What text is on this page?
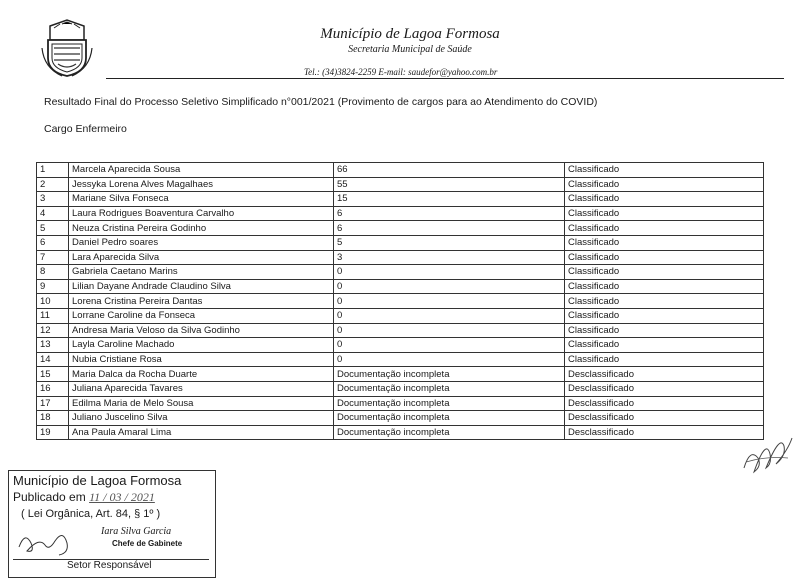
Município de Lagoa Formosa
Secretaria Municipal de Saúde
Tel.: (34)3824-2259 E-mail: saudefor@yahoo.com.br
Resultado Final do Processo Seletivo Simplificado n°001/2021 (Provimento de cargos para ao Atendimento do COVID)
Cargo Enfermeiro
1	Marcela Aparecida Sousa	66	Classificado
2	Jessyka Lorena Alves Magalhaes	55	Classificado
3	Mariane Silva Fonseca	15	Classificado
4	Laura Rodrigues Boaventura Carvalho	6	Classificado
5	Neuza Cristina Pereira Godinho	6	Classificado
6	Daniel Pedro soares	5	Classificado
7	Lara Aparecida Silva	3	Classificado
8	Gabriela Caetano Marins	0	Classificado
9	Lilian Dayane Andrade Claudino Silva	0	Classificado
10	Lorena Cristina Pereira Dantas	0	Classificado
11	Lorrane Caroline da Fonseca	0	Classificado
12	Andresa Maria Veloso da Silva Godinho	0	Classificado
13	Layla Caroline Machado	0	Classificado
14	Nubia Cristiane Rosa	0	Classificado
15	Maria Dalca da Rocha Duarte	Documentação incompleta	Desclassificado
16	Juliana Aparecida Tavares	Documentação incompleta	Desclassificado
17	Edilma Maria de Melo Sousa	Documentação incompleta	Desclassificado
18	Juliano Juscelino Silva	Documentação incompleta	Desclassificado
19	Ana Paula Amaral Lima	Documentação incompleta	Desclassificado
Município de Lagoa Formosa
Publicado em 11 / 03 / 2021
( Lei Orgânica, Art. 84, § 1º )
Iara Silva Garcia
Chefe de Gabinete
Setor Responsável
